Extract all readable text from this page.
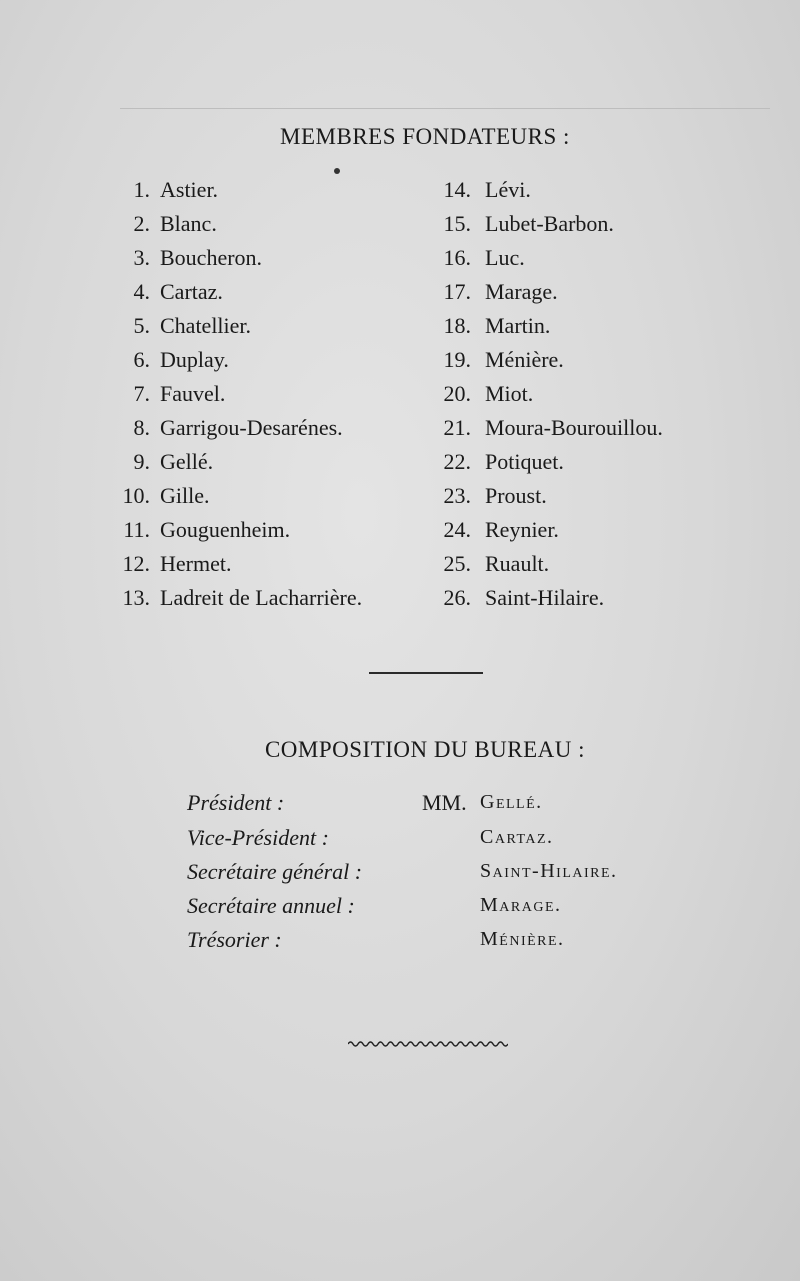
MEMBRES FONDATEURS :
1. Astier.
2. Blanc.
3. Boucheron.
4. Cartaz.
5. Chatellier.
6. Duplay.
7. Fauvel.
8. Garrigou-Desarénes.
9. Gellé.
10. Gille.
11. Gouguenheim.
12. Hermet.
13. Ladreit de Lacharrière.
14. Lévi.
15. Lubet-Barbon.
16. Luc.
17. Marage.
18. Martin.
19. Ménière.
20. Miot.
21. Moura-Bourouillou.
22. Potiquet.
23. Proust.
24. Reynier.
25. Ruault.
26. Saint-Hilaire.
COMPOSITION DU BUREAU :
MM.
Président :	Gellé.
Vice-Président :	Cartaz.
Secrétaire général :	Saint-Hilaire.
Secrétaire annuel :	Marage.
Trésorier :	Ménière.
